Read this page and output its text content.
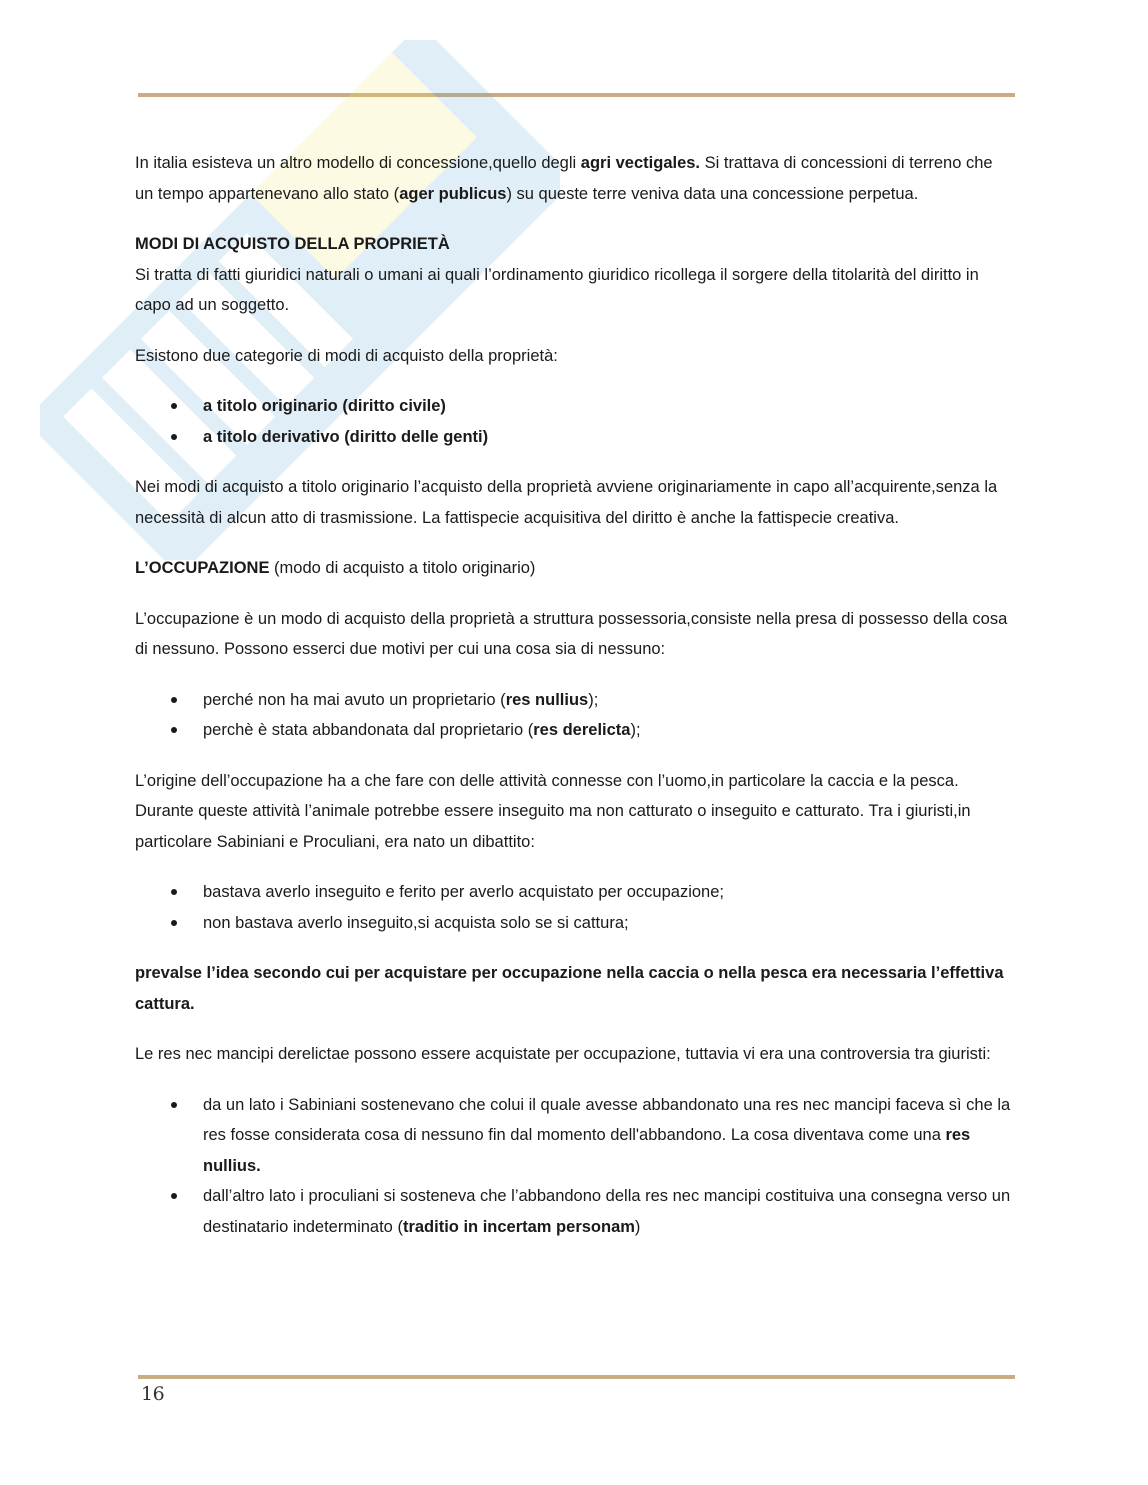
In italia esisteva un altro modello di concessione,quello degli agri vectigales. Si trattava di concessioni di terreno che un tempo appartenevano allo stato (ager publicus) su queste terre veniva data una concessione perpetua.

MODI DI ACQUISTO DELLA PROPRIETÀ

Si tratta di fatti giuridici naturali o umani ai quali l’ordinamento giuridico ricollega il sorgere della titolarità del diritto in capo ad un soggetto.

Esistono due categorie di modi di acquisto della proprietà:

a titolo originario (diritto civile)
a titolo derivativo (diritto delle genti)

Nei modi di acquisto a titolo originario l’acquisto della proprietà avviene originariamente in capo all’acquirente,senza la necessità di alcun atto di trasmissione. La fattispecie acquisitiva del diritto è anche la fattispecie creativa.

L’OCCUPAZIONE (modo di acquisto a titolo originario)

L’occupazione è un modo di acquisto della proprietà a struttura possessoria,consiste nella presa di possesso della cosa di nessuno. Possono esserci due motivi per cui una cosa sia di nessuno:

perché non ha mai avuto un proprietario (res nullius);
perchè è stata abbandonata dal proprietario (res derelicta);

L’origine dell’occupazione ha a che fare con delle attività connesse con l’uomo,in particolare la caccia e la pesca. Durante queste attività l’animale potrebbe essere inseguito ma non catturato o inseguito e catturato. Tra i giuristi,in particolare Sabiniani e Proculiani, era nato un dibattito:

bastava averlo inseguito e ferito per averlo acquistato per occupazione;
non bastava averlo inseguito,si acquista solo se si cattura;

prevalse l’idea secondo cui per acquistare per occupazione nella caccia o nella pesca era necessaria l’effettiva cattura.

Le res nec mancipi derelictae possono essere acquistate per occupazione, tuttavia vi era una controversia tra giuristi:

da un lato i Sabiniani sostenevano che colui il quale avesse abbandonato una res nec mancipi faceva sì che la res fosse considerata cosa di nessuno fin dal momento dell'abbandono. La cosa diventava come una res nullius.
dall’altro lato i proculiani si sosteneva che l’abbandono della res nec mancipi costituiva una consegna verso un destinatario indeterminato (traditio in incertam personam)
16
